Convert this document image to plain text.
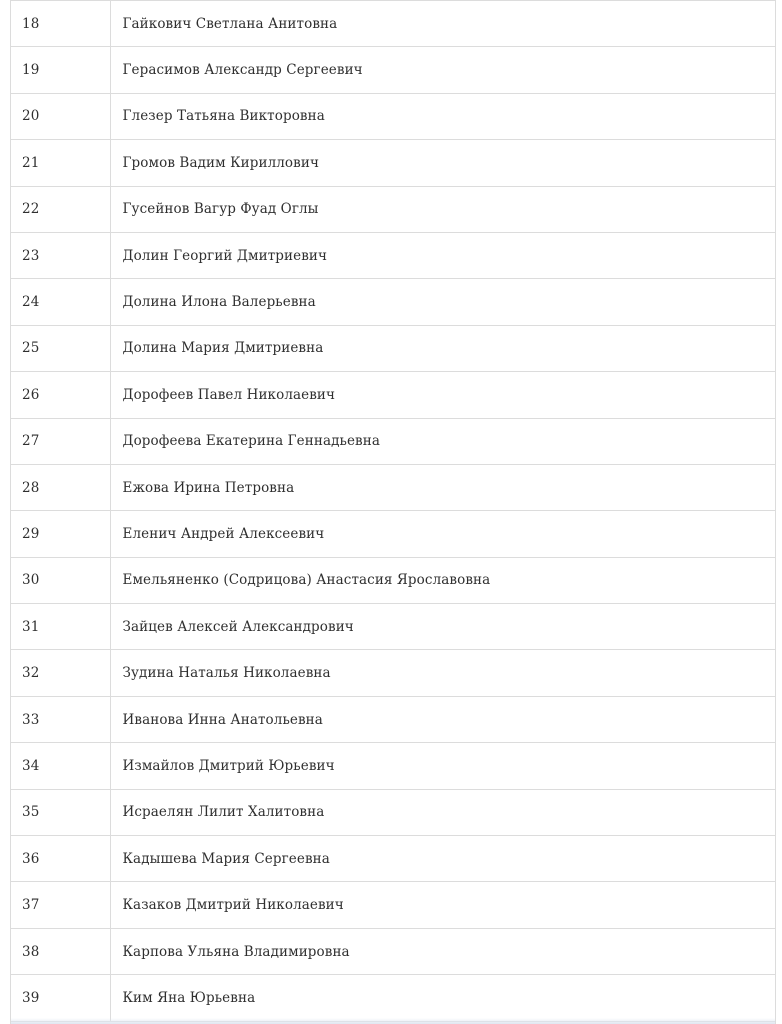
18	Гайкович Светлана Анитовна
19	Герасимов Александр Сергеевич
20	Глезер Татьяна Викторовна
21	Громов Вадим Кириллович
22	Гусейнов Вагур Фуад Оглы
23	Долин Георгий Дмитриевич
24	Долина Илона Валерьевна
25	Долина Мария Дмитриевна
26	Дорофеев Павел Николаевич
27	Дорофеева Екатерина Геннадьевна
28	Ежова Ирина Петровна
29	Еленич Андрей Алексеевич
30	Емельяненко (Содрицова) Анастасия Ярославовна
31	Зайцев Алексей Александрович
32	Зудина Наталья Николаевна
33	Иванова Инна Анатольевна
34	Измайлов Дмитрий Юрьевич
35	Исраелян Лилит Халитовна
36	Кадышева Мария Сергеевна
37	Казаков Дмитрий Николаевич
38	Карпова Ульяна Владимировна
39	Ким Яна Юрьевна
